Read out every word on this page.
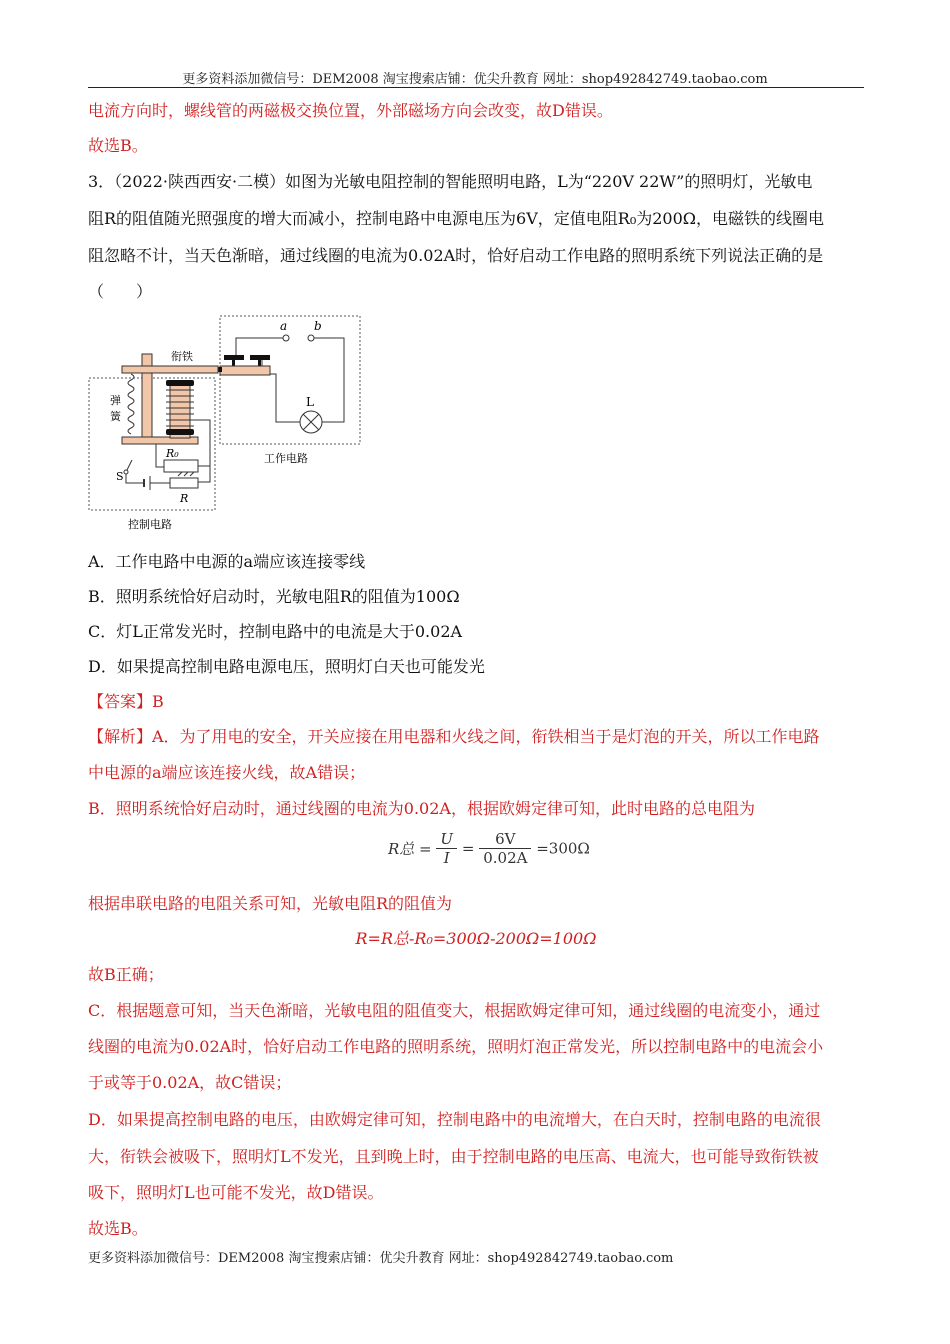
更多资料添加微信号：DEM2008 淘宝搜索店铺：优尖升教育 网址：shop492842749.taobao.com
电流方向时，螺线管的两磁极交换位置，外部磁场方向会改变，故D错误。
故选B。
3．（2022·陕西西安·二模）如图为光敏电阻控制的智能照明电路，L为“220V 22W”的照明灯，光敏电
阻R的阻值随光照强度的增大而减小，控制电路中电源电压为6V，定值电阻R₀为200Ω，电磁铁的线圈电
阻忽略不计，当天色渐暗，通过线圈的电流为0.02A时，恰好启动工作电路的照明系统下列说法正确的是
（　　）
a b
L
衔铁
弹
簧
R₀
R
S
工作电路
控制电路
A．工作电路中电源的a端应该连接零线
B．照明系统恰好启动时，光敏电阻R的阻值为100Ω
C．灯L正常发光时，控制电路中的电流是大于0.02A
D．如果提高控制电路电源电压，照明灯白天也可能发光
【答案】B
【解析】A．为了用电的安全，开关应接在用电器和火线之间，衔铁相当于是灯泡的开关，所以工作电路
中电源的a端应该连接火线，故A错误；
B．照明系统恰好启动时，通过线圈的电流为0.02A，根据欧姆定律可知，此时电路的总电阻为
R总 = $\frac{U}{I} = \frac{6V}{0.02A} =300\Omega$
根据串联电路的电阻关系可知，光敏电阻R的阻值为
R=R总-R₀=300Ω-200Ω=100Ω
故B正确；
C．根据题意可知，当天色渐暗，光敏电阻的阻值变大，根据欧姆定律可知，通过线圈的电流变小，通过
线圈的电流为0.02A时，恰好启动工作电路的照明系统，照明灯泡正常发光，所以控制电路中的电流会小
于或等于0.02A，故C错误；
D．如果提高控制电路的电压，由欧姆定律可知，控制电路中的电流增大，在白天时，控制电路的电流很
大，衔铁会被吸下，照明灯L不发光，且到晚上时，由于控制电路的电压高、电流大，也可能导致衔铁被
吸下，照明灯L也可能不发光，故D错误。
故选B。
更多资料添加微信号：DEM2008 淘宝搜索店铺：优尖升教育 网址：shop492842749.taobao.com
